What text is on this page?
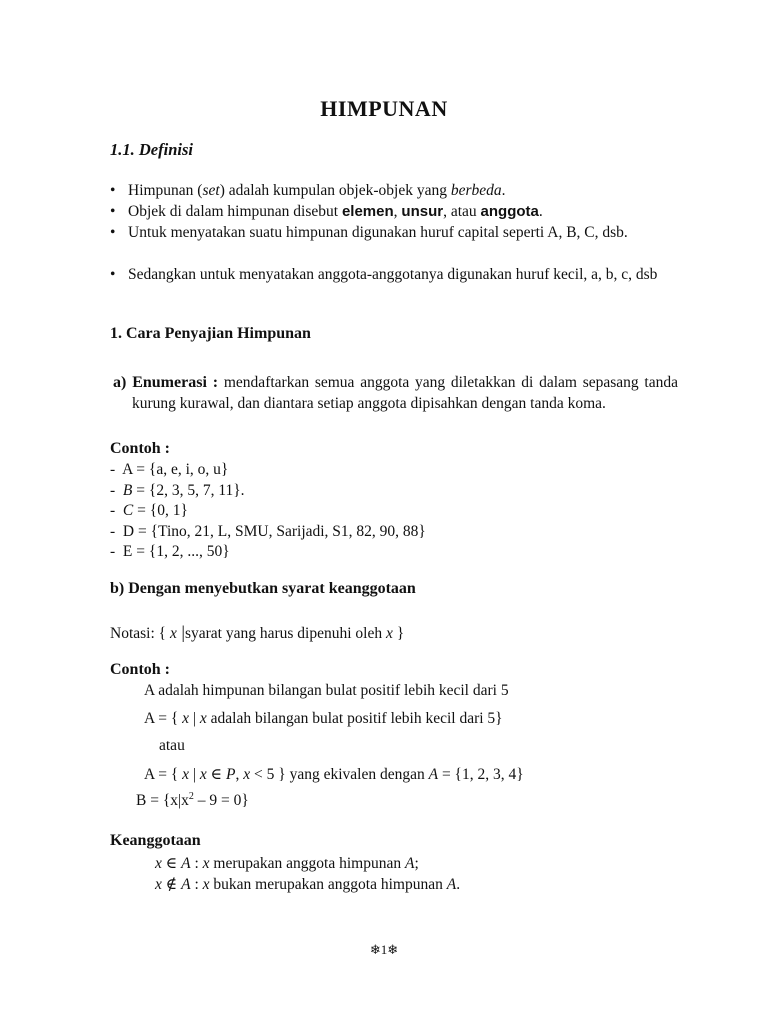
HIMPUNAN
1.1. Definisi
• Himpunan (set) adalah kumpulan objek-objek yang berbeda.
• Objek di dalam himpunan disebut elemen, unsur, atau anggota.
• Untuk menyatakan suatu himpunan digunakan huruf capital seperti A, B, C, dsb.
• Sedangkan untuk menyatakan anggota-anggotanya digunakan huruf kecil, a, b, c, dsb
1. Cara Penyajian Himpunan
a) Enumerasi : mendaftarkan semua anggota yang diletakkan di dalam sepasang tanda kurung kurawal, dan diantara setiap anggota dipisahkan dengan tanda koma.
Contoh :
- A = {a, e, i, o, u}
- B = {2, 3, 5, 7, 11}.
- C = {0, 1}
- D = {Tino, 21, L, SMU, Sarijadi, S1, 82, 90, 88}
- E = {1, 2, ..., 50}
b) Dengan menyebutkan syarat keanggotaan
Notasi: { x |syarat yang harus dipenuhi oleh x }
Contoh :
A adalah himpunan bilangan bulat positif lebih kecil dari 5
A = { x | x adalah bilangan bulat positif lebih kecil dari 5}
atau
A = { x | x ∈ P, x < 5 } yang ekivalen dengan A = {1, 2, 3, 4}
$B = \{x|x^2 - 9 = 0\}$
Keanggotaan
x ∈ A : x merupakan anggota himpunan A;
x ∉ A : x bukan merupakan anggota himpunan A.
❄1❄
